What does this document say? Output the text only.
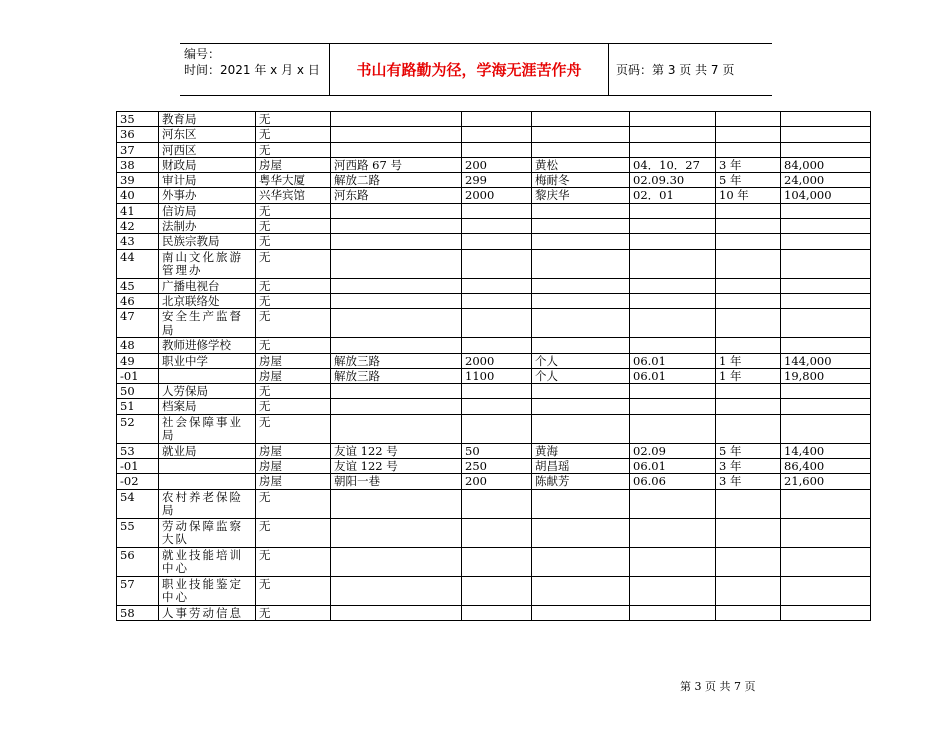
编号：
时间：2021 年 x 月 x 日	书山有路勤为径，学海无涯苦作舟	页码：第 3 页 共 7 页
35	教育局	无						
36	河东区	无						
37	河西区	无						
38	财政局	房屋	河西路 67 号	200	黄松	04．10．27	3 年	84,000
39	审计局	粤华大厦	解放二路	299	梅耐冬	02.09.30	5 年	24,000
40	外事办	兴华宾馆	河东路	2000	黎庆华	02．01	10 年	104,000
41	信访局	无						
42	法制办	无						
43	民族宗教局	无						
44	南山文化旅游管理办	无						
45	广播电视台	无						
46	北京联络处	无						
47	安全生产监督局	无						
48	教师进修学校	无						
49	职业中学	房屋	解放三路	2000	个人	06.01	1 年	144,000
-01		房屋	解放三路	1100	个人	06.01	1 年	19,800
50	人劳保局	无						
51	档案局	无						
52	社会保障事业局	无						
53	就业局	房屋	友谊 122 号	50	黄海	02.09	5 年	14,400
-01		房屋	友谊 122 号	250	胡昌瑶	06.01	3 年	86,400
-02		房屋	朝阳一巷	200	陈献芳	06.06	3 年	21,600
54	农村养老保险局	无						
55	劳动保障监察大队	无						
56	就业技能培训中心	无						
57	职业技能鉴定中心	无						
58	人事劳动信息	无						
第 3 页 共 7 页
